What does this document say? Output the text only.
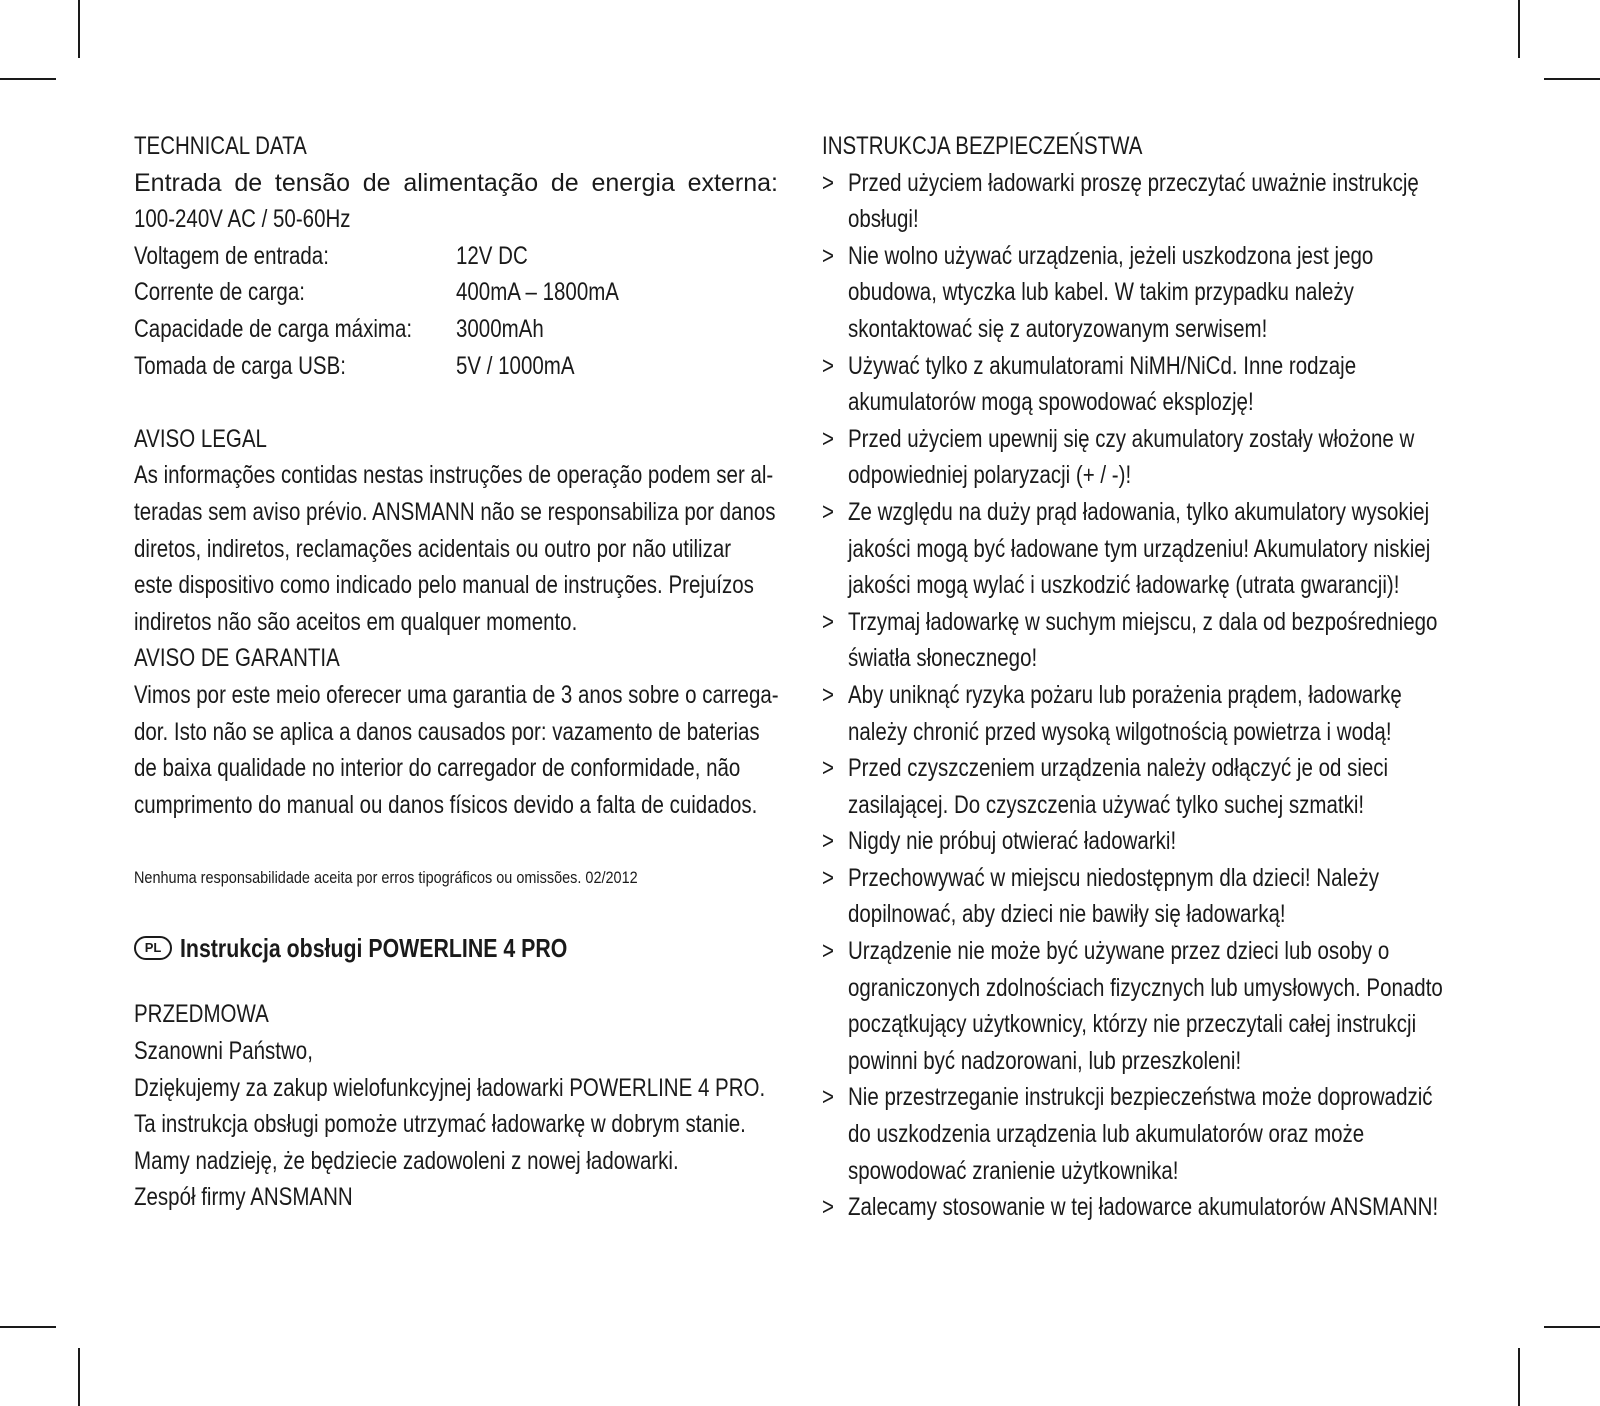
TECHNICAL DATA
Entrada de tensão de alimentação de energia externa:
100-240V AC / 50-60Hz
Voltagem de entrada:	12V DC
Corrente de carga:	400mA – 1800mA
Capacidade de carga máxima:	3000mAh
Tomada de carga USB:	5V / 1000mA
AVISO LEGAL
As informações contidas nestas instruções de operação podem ser al-
teradas sem aviso prévio. ANSMANN não se responsabiliza por danos
diretos, indiretos, reclamações acidentais ou outro por não utilizar
este dispositivo como indicado pelo manual de instruções. Prejuízos
indiretos não são aceitos em qualquer momento.
AVISO DE GARANTIA
Vimos por este meio oferecer uma garantia de 3 anos sobre o carrega-
dor. Isto não se aplica a danos causados por: vazamento de baterias
de baixa qualidade no interior do carregador de conformidade, não
cumprimento do manual ou danos físicos devido a falta de cuidados.
Nenhuma responsabilidade aceita por erros tipográficos ou omissões. 02/2012
PL Instrukcja obsługi POWERLINE 4 PRO
PRZEDMOWA
Szanowni Państwo,
Dziękujemy za zakup wielofunkcyjnej ładowarki POWERLINE 4 PRO.
Ta instrukcja obsługi pomoże utrzymać ładowarkę w dobrym stanie.
Mamy nadzieję, że będziecie zadowoleni z nowej ładowarki.
Zespół firmy ANSMANN
INSTRUKCJA BEZPIECZEŃSTWA
> Przed użyciem ładowarki proszę przeczytać uważnie instrukcję
obsługi!
> Nie wolno używać urządzenia, jeżeli uszkodzona jest jego
obudowa, wtyczka lub kabel. W takim przypadku należy
skontaktować się z autoryzowanym serwisem!
> Używać tylko z akumulatorami NiMH/NiCd. Inne rodzaje
akumulatorów mogą spowodować eksplozję!
> Przed użyciem upewnij się czy akumulatory zostały włożone w
odpowiedniej polaryzacji (+ / -)!
> Ze względu na duży prąd ładowania, tylko akumulatory wysokiej
jakości mogą być ładowane tym urządzeniu! Akumulatory niskiej
jakości mogą wylać i uszkodzić ładowarkę (utrata gwarancji)!
> Trzymaj ładowarkę w suchym miejscu, z dala od bezpośredniego
światła słonecznego!
> Aby uniknąć ryzyka pożaru lub porażenia prądem, ładowarkę
należy chronić przed wysoką wilgotnością powietrza i wodą!
> Przed czyszczeniem urządzenia należy odłączyć je od sieci
zasilającej. Do czyszczenia używać tylko suchej szmatki!
> Nigdy nie próbuj otwierać ładowarki!
> Przechowywać w miejscu niedostępnym dla dzieci! Należy
dopilnować, aby dzieci nie bawiły się ładowarką!
> Urządzenie nie może być używane przez dzieci lub osoby o
ograniczonych zdolnościach fizycznych lub umysłowych. Ponadto
początkujący użytkownicy, którzy nie przeczytali całej instrukcji
powinni być nadzorowani, lub przeszkoleni!
> Nie przestrzeganie instrukcji bezpieczeństwa może doprowadzić
do uszkodzenia urządzenia lub akumulatorów oraz może
spowodować zranienie użytkownika!
> Zalecamy stosowanie w tej ładowarce akumulatorów ANSMANN!
